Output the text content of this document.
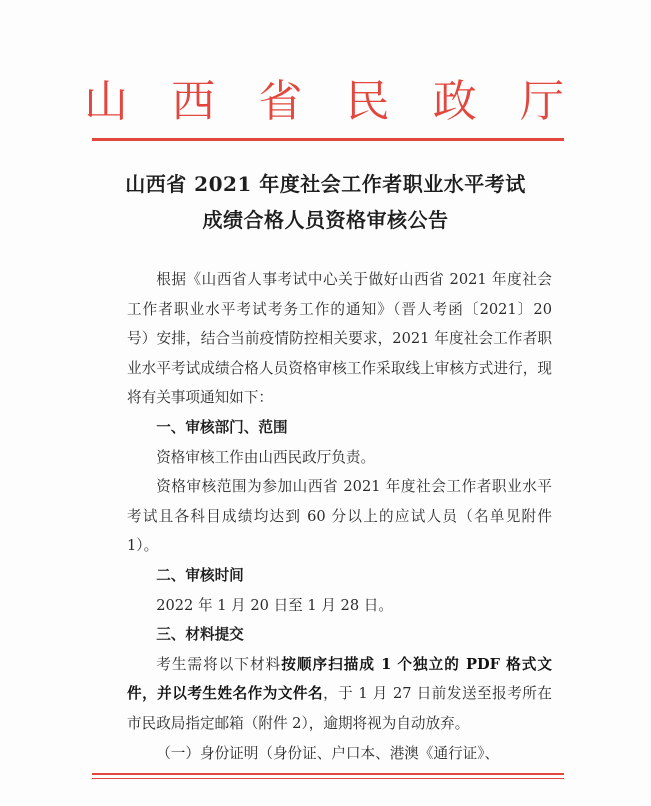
山 西 省 民 政 厅
山西省 2021 年度社会工作者职业水平考试
成绩合格人员资格审核公告

根据《山西省人事考试中心关于做好山西省 2021 年度社会工作者职业水平考试考务工作的通知》（晋人考函〔2021〕20 号）安排，结合当前疫情防控相关要求，2021 年度社会工作者职业水平考试成绩合格人员资格审核工作采取线上审核方式进行，现将有关事项通知如下：

一、审核部门、范围

资格审核工作由山西民政厅负责。

资格审核范围为参加山西省 2021 年度社会工作者职业水平考试且各科目成绩均达到 60 分以上的应试人员（名单见附件 1）。

二、审核时间

2022 年 1 月 20 日至 1 月 28 日。

三、材料提交

考生需将以下材料按顺序扫描成 1 个独立的 PDF 格式文件，并以考生姓名作为文件名，于 1 月 27 日前发送至报考所在市民政局指定邮箱（附件 2），逾期将视为自动放弃。

（一）身份证明（身份证、户口本、港澳《通行证》、
